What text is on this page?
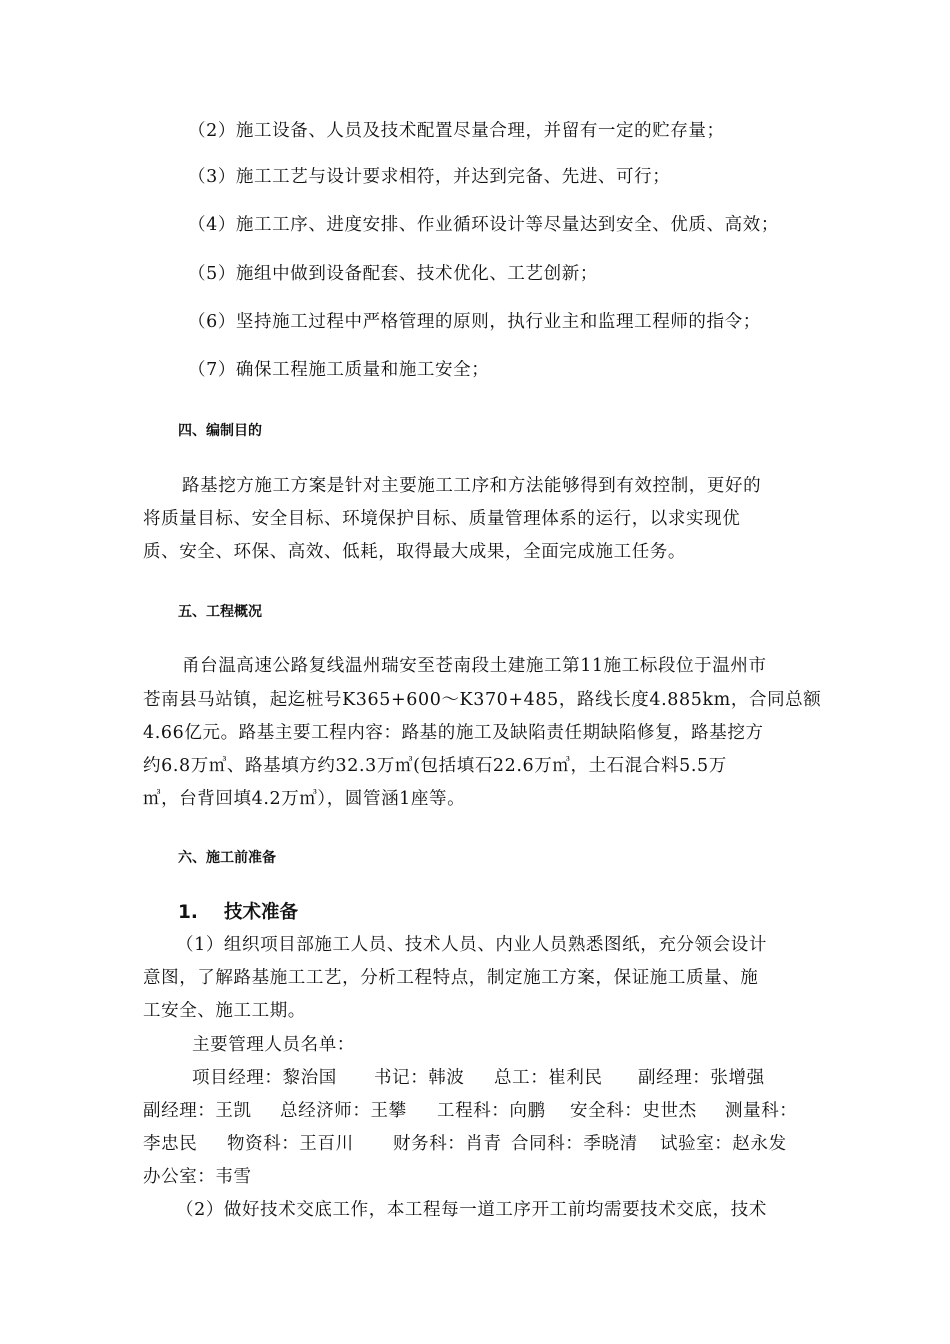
（2）施工设备、人员及技术配置尽量合理，并留有一定的贮存量；
（3）施工工艺与设计要求相符，并达到完备、先进、可行；
（4）施工工序、进度安排、作业循环设计等尽量达到安全、优质、高效；
（5）施组中做到设备配套、技术优化、工艺创新；
（6）坚持施工过程中严格管理的原则，执行业主和监理工程师的指令；
（7）确保工程施工质量和施工安全；
四、编制目的
路基挖方施工方案是针对主要施工工序和方法能够得到有效控制，更好的
将质量目标、安全目标、环境保护目标、质量管理体系的运行，以求实现优
质、安全、环保、高效、低耗，取得最大成果，全面完成施工任务。
五、工程概况
甬台温高速公路复线温州瑞安至苍南段土建施工第11施工标段位于温州市
苍南县马站镇，起迄桩号K365+600～K370+485，路线长度4.885km，合同总额
4.66亿元。路基主要工程内容：路基的施工及缺陷责任期缺陷修复，路基挖方
约6.8万㎥、路基填方约32.3万㎥(包括填石22.6万㎥，土石混合料5.5万
㎥，台背回填4.2万㎥），圆管涵1座等。
六、施工前准备
1. 技术准备
（1）组织项目部施工人员、技术人员、内业人员熟悉图纸，充分领会设计
意图，了解路基施工工艺，分析工程特点，制定施工方案，保证施工质量、施
工安全、施工工期。
主要管理人员名单：
项目经理：黎治国 书记：韩波 总工：崔利民 副经理：张增强
副经理：王凯 总经济师：王攀 工程科：向鹏 安全科：史世杰 测量科：
李忠民 物资科：王百川 财务科：肖青 合同科：季晓清 试验室：赵永发
办公室：韦雪
（2）做好技术交底工作，本工程每一道工序开工前均需要技术交底，技术
